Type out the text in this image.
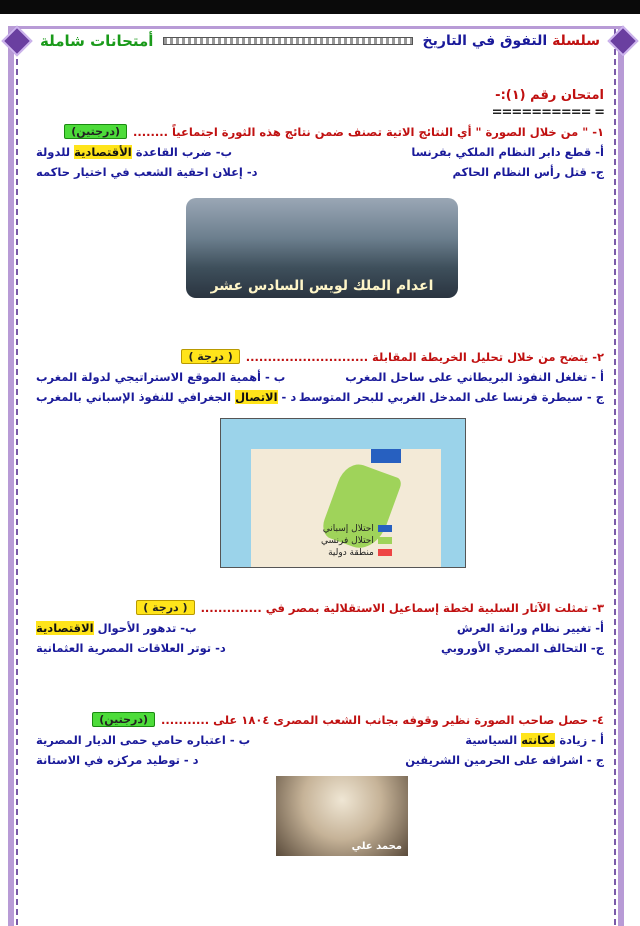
سلسلة التفوق في التاريخ
أمتحانات شاملة
امتحان رقم (١):-
= ==========
١- " من خلال الصورة " أي النتائج الاتية تصنف ضمن نتائج هذه الثورة اجتماعياً ........
(درجتين)
أ- قطع دابر النظام الملكي بفرنسا
ب- ضرب القاعدة الأقتصادية للدولة
ج- قتل رأس النظام الحاكم
د- إعلان احقية الشعب في اختيار حاكمه
اعدام الملك لويس السادس عشر
٢- يتضح من خلال تحليل الخريطة المقابلة ............................
( درجة )
أ - تغلغل النفوذ البريطاني على ساحل المغرب
ب - أهمية الموقع الاستراتيجي لدولة المغرب
ج - سيطرة فرنسا على المدخل الغربي للبحر المتوسط
د - الاتصال الجغرافي للنفوذ الإسباني بالمغرب
احتلال إسباني
احتلال فرنسي
منطقة دولية
٣- تمثلت الآثار السلبية لخطة إسماعيل الاستقلالية بمصر في ..............
( درجة )
أ- تغيير نظام وراثة العرش
ب- تدهور الأحوال الاقتصادية
ج- التحالف المصري الأوروبي
د- توتر العلاقات المصرية العثمانية
٤- حصل صاحب الصورة نظير وقوفه بجانب الشعب المصرى ١٨٠٤ على ...........
(درجتين)
أ - زيادة مكانته السياسية
ب - اعتباره حامي حمى الديار المصرية
ج - اشرافه على الحرمين الشريفين
د - توطيد مركزه في الاستانة
محمد علي
